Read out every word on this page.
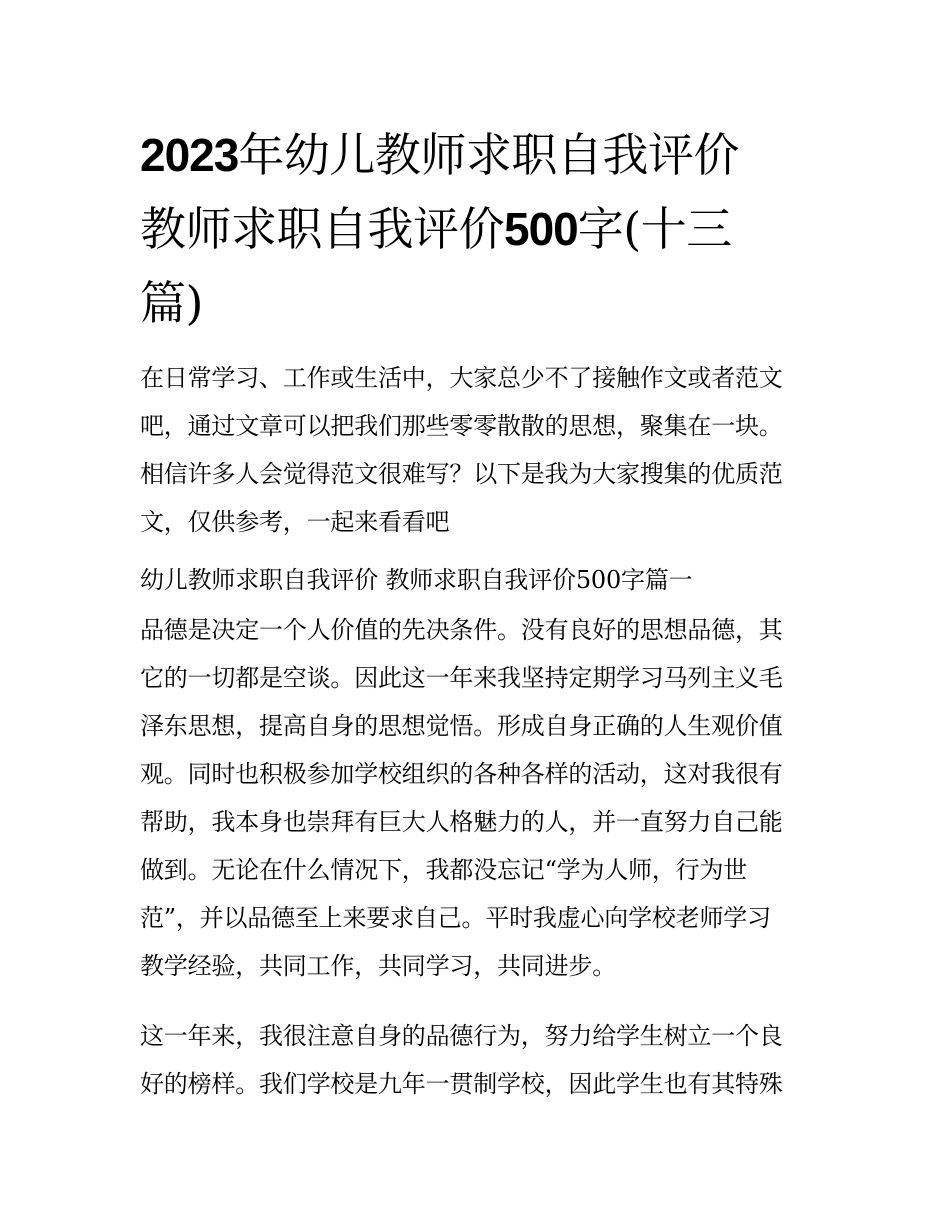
2023年幼儿教师求职自我评价
教师求职自我评价500字(十三
篇)
在日常学习、工作或生活中，大家总少不了接触作文或者范文
吧，通过文章可以把我们那些零零散散的思想，聚集在一块。
相信许多人会觉得范文很难写？以下是我为大家搜集的优质范
文，仅供参考，一起来看看吧
幼儿教师求职自我评价 教师求职自我评价500字篇一
品德是决定一个人价值的先决条件。没有良好的思想品德，其
它的一切都是空谈。因此这一年来我坚持定期学习马列主义毛
泽东思想，提高自身的思想觉悟。形成自身正确的人生观价值
观。同时也积极参加学校组织的各种各样的活动，这对我很有
帮助，我本身也崇拜有巨大人格魅力的人，并一直努力自己能
做到。无论在什么情况下，我都没忘记“学为人师，行为世
范”，并以品德至上来要求自己。平时我虚心向学校老师学习
教学经验，共同工作，共同学习，共同进步。
这一年来，我很注意自身的品德行为，努力给学生树立一个良
好的榜样。我们学校是九年一贯制学校，因此学生也有其特殊
